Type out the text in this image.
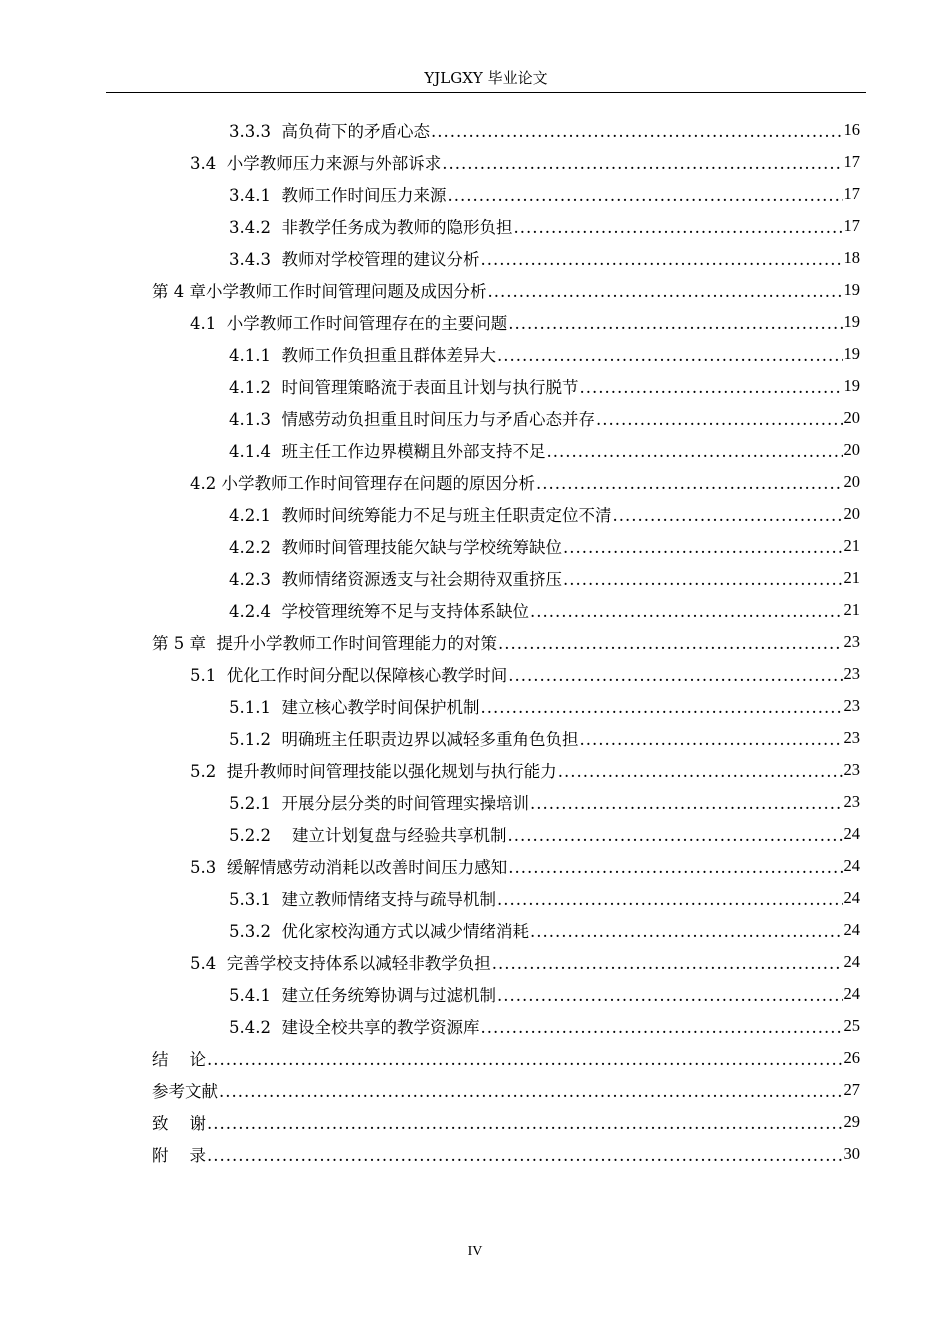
YJLGXY 毕业论文
3.3.3  高负荷下的矛盾心态 .....	16
3.4  小学教师压力来源与外部诉求 .....	17
3.4.1  教师工作时间压力来源 .....	17
3.4.2  非教学任务成为教师的隐形负担 .....	17
3.4.3  教师对学校管理的建议分析 .....	18
第 4 章小学教师工作时间管理问题及成因分析 .....	19
4.1  小学教师工作时间管理存在的主要问题 .....	19
4.1.1  教师工作负担重且群体差异大 .....	19
4.1.2  时间管理策略流于表面且计划与执行脱节 .....	19
4.1.3  情感劳动负担重且时间压力与矛盾心态并存 .....	20
4.1.4  班主任工作边界模糊且外部支持不足 .....	20
4.2 小学教师工作时间管理存在问题的原因分析 .....	20
4.2.1  教师时间统筹能力不足与班主任职责定位不清 .....	20
4.2.2  教师时间管理技能欠缺与学校统筹缺位 .....	21
4.2.3  教师情绪资源透支与社会期待双重挤压 .....	21
4.2.4  学校管理统筹不足与支持体系缺位 .....	21
第 5 章  提升小学教师工作时间管理能力的对策 .....	23
5.1  优化工作时间分配以保障核心教学时间 .....	23
5.1.1  建立核心教学时间保护机制 .....	23
5.1.2  明确班主任职责边界以减轻多重角色负担 .....	23
5.2  提升教师时间管理技能以强化规划与执行能力 .....	23
5.2.1  开展分层分类的时间管理实操培训 .....	23
5.2.2    建立计划复盘与经验共享机制 .....	24
5.3  缓解情感劳动消耗以改善时间压力感知 .....	24
5.3.1  建立教师情绪支持与疏导机制 .....	24
5.3.2  优化家校沟通方式以减少情绪消耗 .....	24
5.4  完善学校支持体系以减轻非教学负担 .....	24
5.4.1  建立任务统筹协调与过滤机制 .....	24
5.4.2  建设全校共享的教学资源库 .....	25
结    论 .....	26
参考文献 .....	27
致    谢 .....	29
附    录 .....	30
IV
